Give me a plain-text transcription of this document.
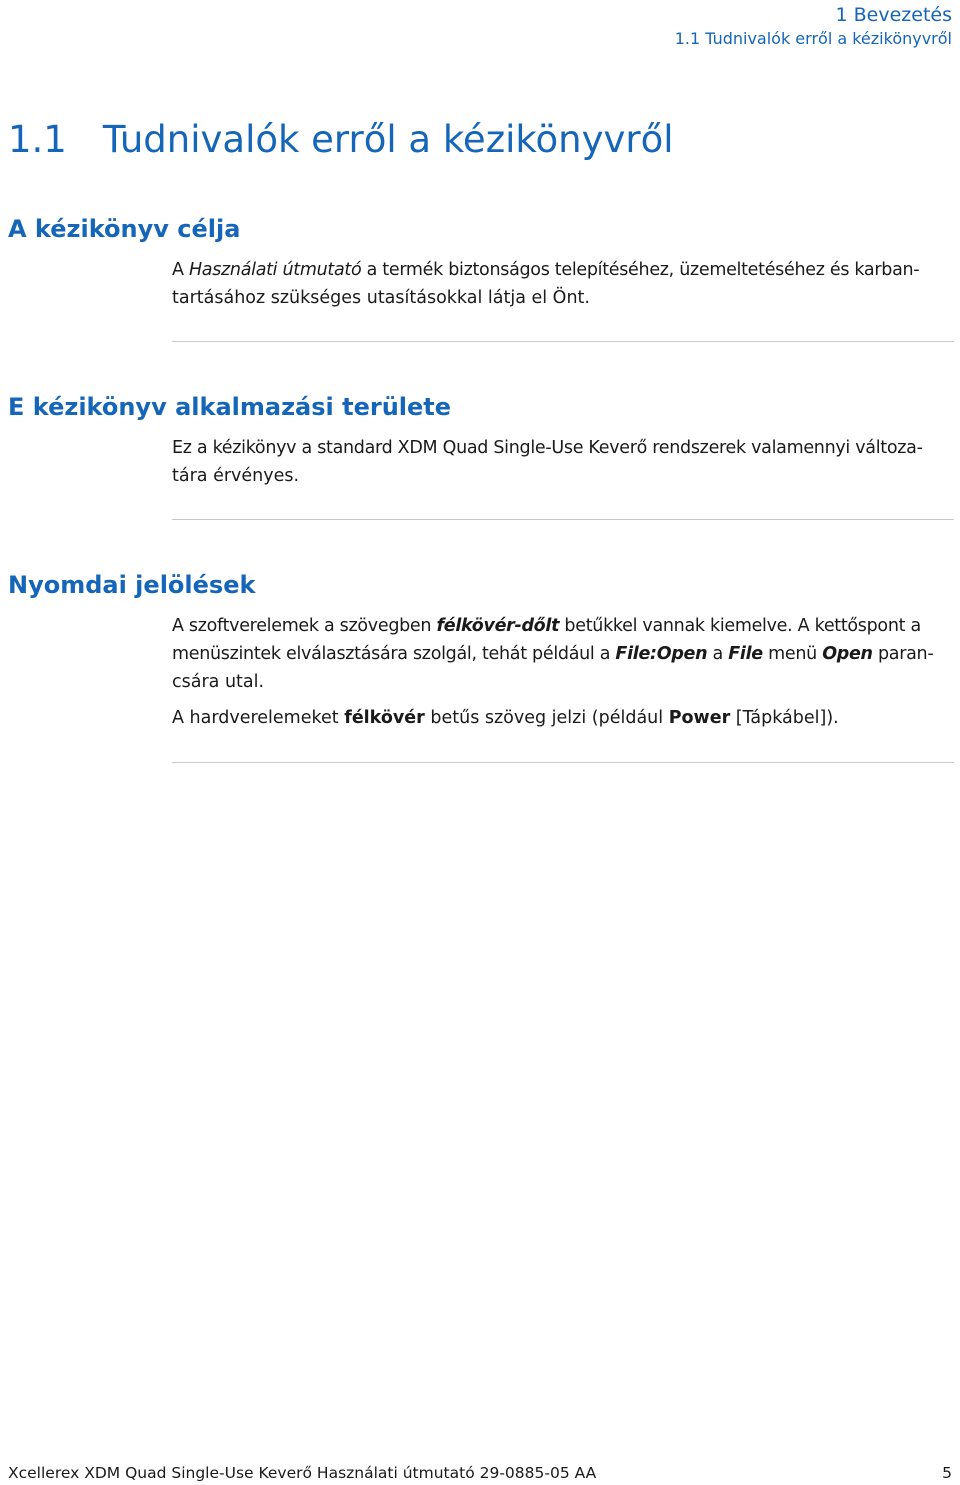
1 Bevezetés
1.1 Tudnivalók erről a kézikönyvről
1.1 Tudnivalók erről a kézikönyvről
A kézikönyv célja

A Használati útmutató a termék biztonságos telepítéséhez, üzemeltetéséhez és karban-
tartásához szükséges utasításokkal látja el Önt.

E kézikönyv alkalmazási területe

Ez a kézikönyv a standard XDM Quad Single-Use Keverő rendszerek valamennyi változa-
tára érvényes.

Nyomdai jelölések

A szoftverelemek a szövegben félkövér-dőlt betűkkel vannak kiemelve. A kettőspont a
menüszintek elválasztására szolgál, tehát például a File:Open a File menü Open paran-
csára utal.

A hardverelemeket félkövér betűs szöveg jelzi (például Power [Tápkábel]).

Xcellerex XDM Quad Single-Use Keverő Használati útmutató 29-0885-05 AA	5
